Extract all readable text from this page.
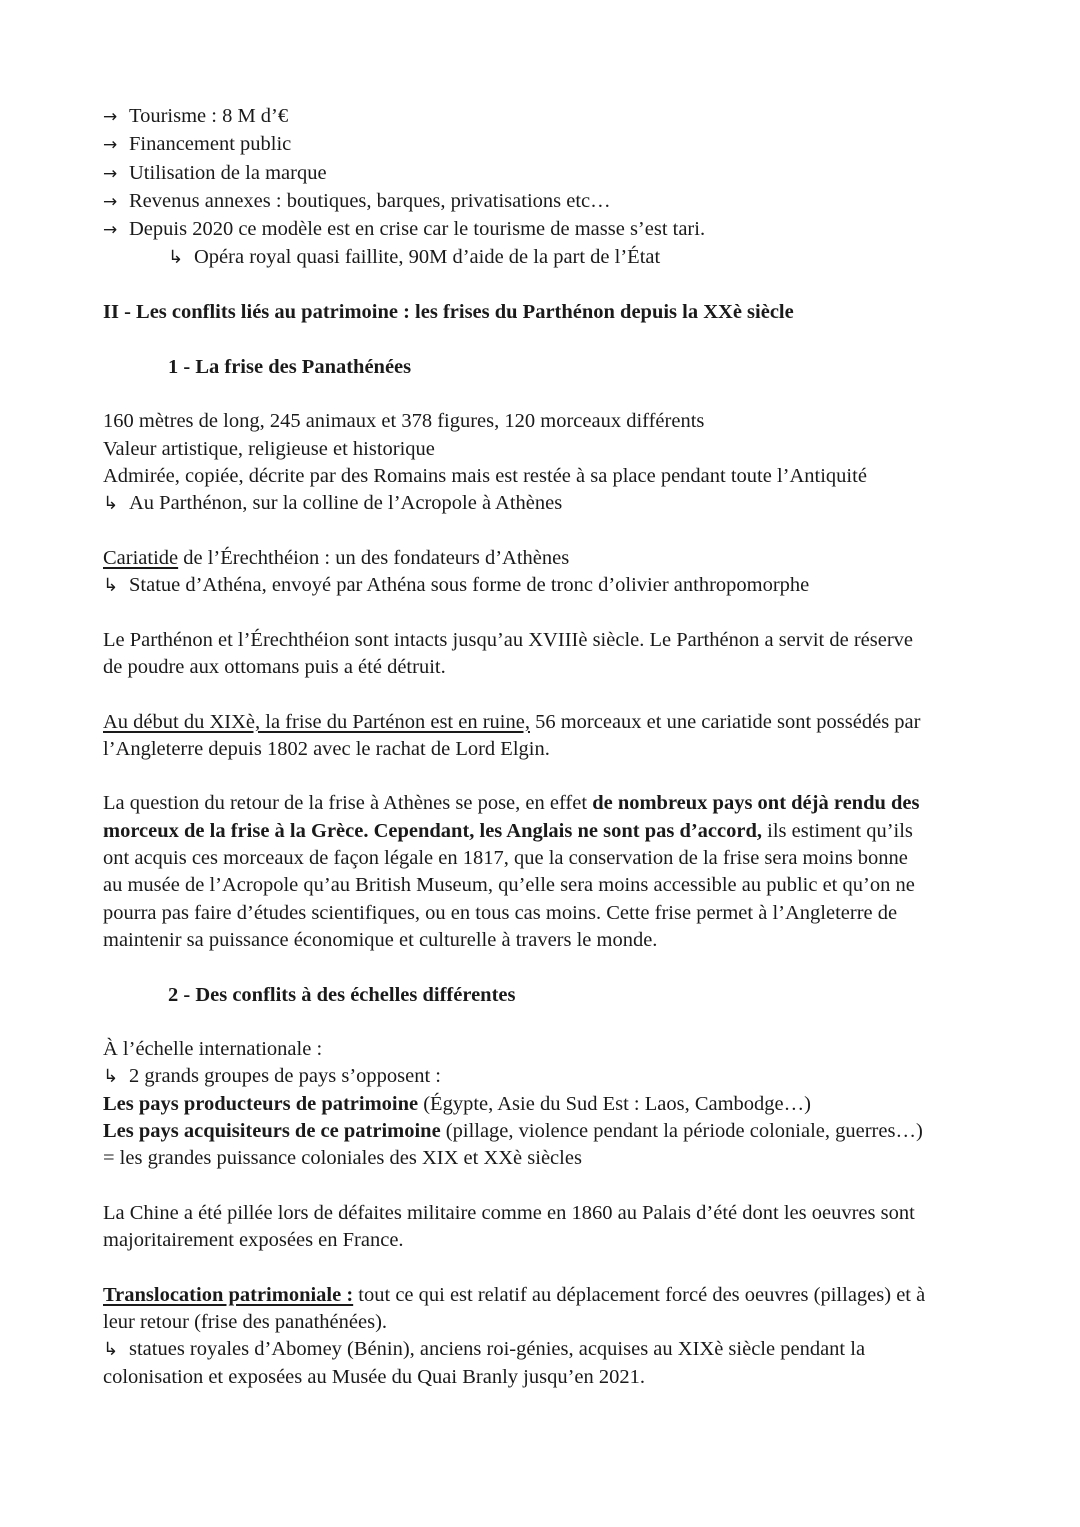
→ Tourisme : 8 M d’€
→ Financement public
→ Utilisation de la marque
→ Revenus annexes : boutiques, barques, privatisations etc…
→ Depuis 2020 ce modèle est en crise car le tourisme de masse s’est tari.
↳ Opéra royal quasi faillite, 90M d’aide de la part de l’État
II - Les conflits liés au patrimoine : les frises du Parthénon depuis la XXè siècle
1 - La frise des Panathénées
160 mètres de long, 245 animaux et 378 figures, 120 morceaux différents
Valeur artistique, religieuse et historique
Admirée, copiée, décrite par des Romains mais est restée à sa place pendant toute l’Antiquité
↳ Au Parthénon, sur la colline de l’Acropole à Athènes
Cariatide de l’Érechthéion : un des fondateurs d’Athènes
↳ Statue d’Athéna, envoyé par Athéna sous forme de tronc d’olivier anthropomorphe
Le Parthénon et l’Érechthéion sont intacts jusqu’au XVIIIè siècle. Le Parthénon a servit de réserve
de poudre aux ottomans puis a été détruit.
Au début du XIXè, la frise du Parténon est en ruine, 56 morceaux et une cariatide sont possédés par
l’Angleterre depuis 1802 avec le rachat de Lord Elgin.
La question du retour de la frise à Athènes se pose, en effet de nombreux pays ont déjà rendu des
morceux de la frise à la Grèce. Cependant, les Anglais ne sont pas d’accord, ils estiment qu’ils
ont acquis ces morceaux de façon légale en 1817, que la conservation de la frise sera moins bonne
au musée de l’Acropole qu’au British Museum, qu’elle sera moins accessible au public et qu’on ne
pourra pas faire d’études scientifiques, ou en tous cas moins. Cette frise permet à l’Angleterre de
maintenir sa puissance économique et culturelle à travers le monde.
2 - Des conflits à des échelles différentes
À l’échelle internationale :
↳ 2 grands groupes de pays s’opposent :
Les pays producteurs de patrimoine (Égypte, Asie du Sud Est : Laos, Cambodge…)
Les pays acquisiteurs de ce patrimoine (pillage, violence pendant la période coloniale, guerres…)
= les grandes puissance coloniales des XIX et XXè siècles
La Chine a été pillée lors de défaites militaire comme en 1860 au Palais d’été dont les oeuvres sont
majoritairement exposées en France.
Translocation patrimoniale : tout ce qui est relatif au déplacement forcé des oeuvres (pillages) et à
leur retour (frise des panathénées).
↳ statues royales d’Abomey (Bénin), anciens roi-génies, acquises au XIXè siècle pendant la
colonisation et exposées au Musée du Quai Branly jusqu’en 2021.
